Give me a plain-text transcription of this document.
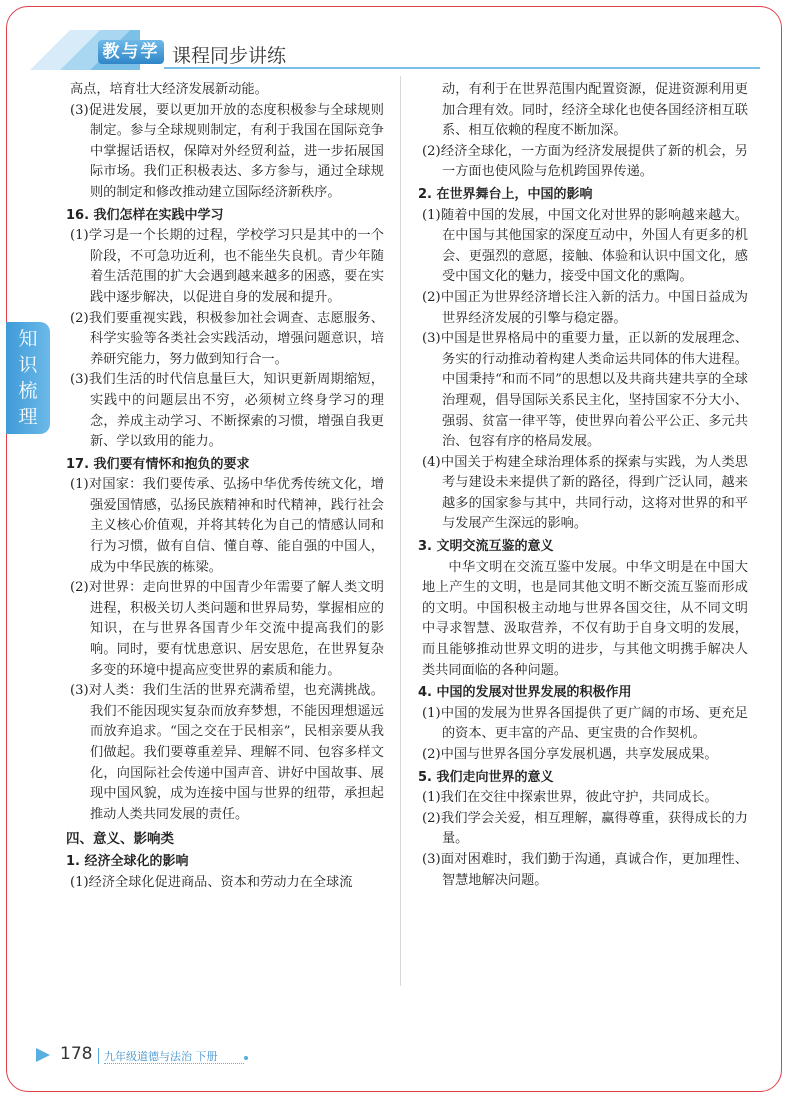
教与学 课程同步讲练
知
识
梳
理
高点，培育壮大经济发展新动能。
(3)促进发展，要以更加开放的态度积极参与全球规则制定。参与全球规则制定，有利于我国在国际竞争中掌握话语权，保障对外经贸利益，进一步拓展国际市场。我们正积极表达、多方参与，通过全球规则的制定和修改推动建立国际经济新秩序。
16. 我们怎样在实践中学习
(1)学习是一个长期的过程，学校学习只是其中的一个阶段，不可急功近利，也不能坐失良机。青少年随着生活范围的扩大会遇到越来越多的困惑，要在实践中逐步解决，以促进自身的发展和提升。
(2)我们要重视实践，积极参加社会调查、志愿服务、科学实验等各类社会实践活动，增强问题意识，培养研究能力，努力做到知行合一。
(3)我们生活的时代信息量巨大，知识更新周期缩短，实践中的问题层出不穷，必须树立终身学习的理念，养成主动学习、不断探索的习惯，增强自我更新、学以致用的能力。
17. 我们要有情怀和抱负的要求
(1)对国家：我们要传承、弘扬中华优秀传统文化，增强爱国情感，弘扬民族精神和时代精神，践行社会主义核心价值观，并将其转化为自己的情感认同和行为习惯，做有自信、懂自尊、能自强的中国人，成为中华民族的栋梁。
(2)对世界：走向世界的中国青少年需要了解人类文明进程，积极关切人类问题和世界局势，掌握相应的知识，在与世界各国青少年交流中提高我们的影响。同时，要有忧患意识、居安思危，在世界复杂多变的环境中提高应变世界的素质和能力。
(3)对人类：我们生活的世界充满希望，也充满挑战。我们不能因现实复杂而放弃梦想，不能因理想遥远而放弃追求。“国之交在于民相亲”，民相亲要从我们做起。我们要尊重差异、理解不同、包容多样文化，向国际社会传递中国声音、讲好中国故事、展现中国风貌，成为连接中国与世界的纽带，承担起推动人类共同发展的责任。
四、意义、影响类
1. 经济全球化的影响
(1)经济全球化促进商品、资本和劳动力在全球流
动，有利于在世界范围内配置资源，促进资源利用更加合理有效。同时，经济全球化也使各国经济相互联系、相互依赖的程度不断加深。
(2)经济全球化，一方面为经济发展提供了新的机会，另一方面也使风险与危机跨国界传递。
2. 在世界舞台上，中国的影响
(1)随着中国的发展，中国文化对世界的影响越来越大。在中国与其他国家的深度互动中，外国人有更多的机会、更强烈的意愿，接触、体验和认识中国文化，感受中国文化的魅力，接受中国文化的熏陶。
(2)中国正为世界经济增长注入新的活力。中国日益成为世界经济发展的引擎与稳定器。
(3)中国是世界格局中的重要力量，正以新的发展理念、务实的行动推动着构建人类命运共同体的伟大进程。中国秉持“和而不同”的思想以及共商共建共享的全球治理观，倡导国际关系民主化，坚持国家不分大小、强弱、贫富一律平等，使世界向着公平公正、多元共治、包容有序的格局发展。
(4)中国关于构建全球治理体系的探索与实践，为人类思考与建设未来提供了新的路径，得到广泛认同，越来越多的国家参与其中，共同行动，这将对世界的和平与发展产生深远的影响。
3. 文明交流互鉴的意义
中华文明在交流互鉴中发展。中华文明是在中国大地上产生的文明，也是同其他文明不断交流互鉴而形成的文明。中国积极主动地与世界各国交往，从不同文明中寻求智慧、汲取营养，不仅有助于自身文明的发展，而且能够推动世界文明的进步，与其他文明携手解决人类共同面临的各种问题。
4. 中国的发展对世界发展的积极作用
(1)中国的发展为世界各国提供了更广阔的市场、更充足的资本、更丰富的产品、更宝贵的合作契机。
(2)中国与世界各国分享发展机遇，共享发展成果。
5. 我们走向世界的意义
(1)我们在交往中探索世界，彼此守护，共同成长。
(2)我们学会关爱，相互理解，赢得尊重，获得成长的力量。
(3)面对困难时，我们勤于沟通，真诚合作，更加理性、智慧地解决问题。
178 九年级道德与法治 下册
